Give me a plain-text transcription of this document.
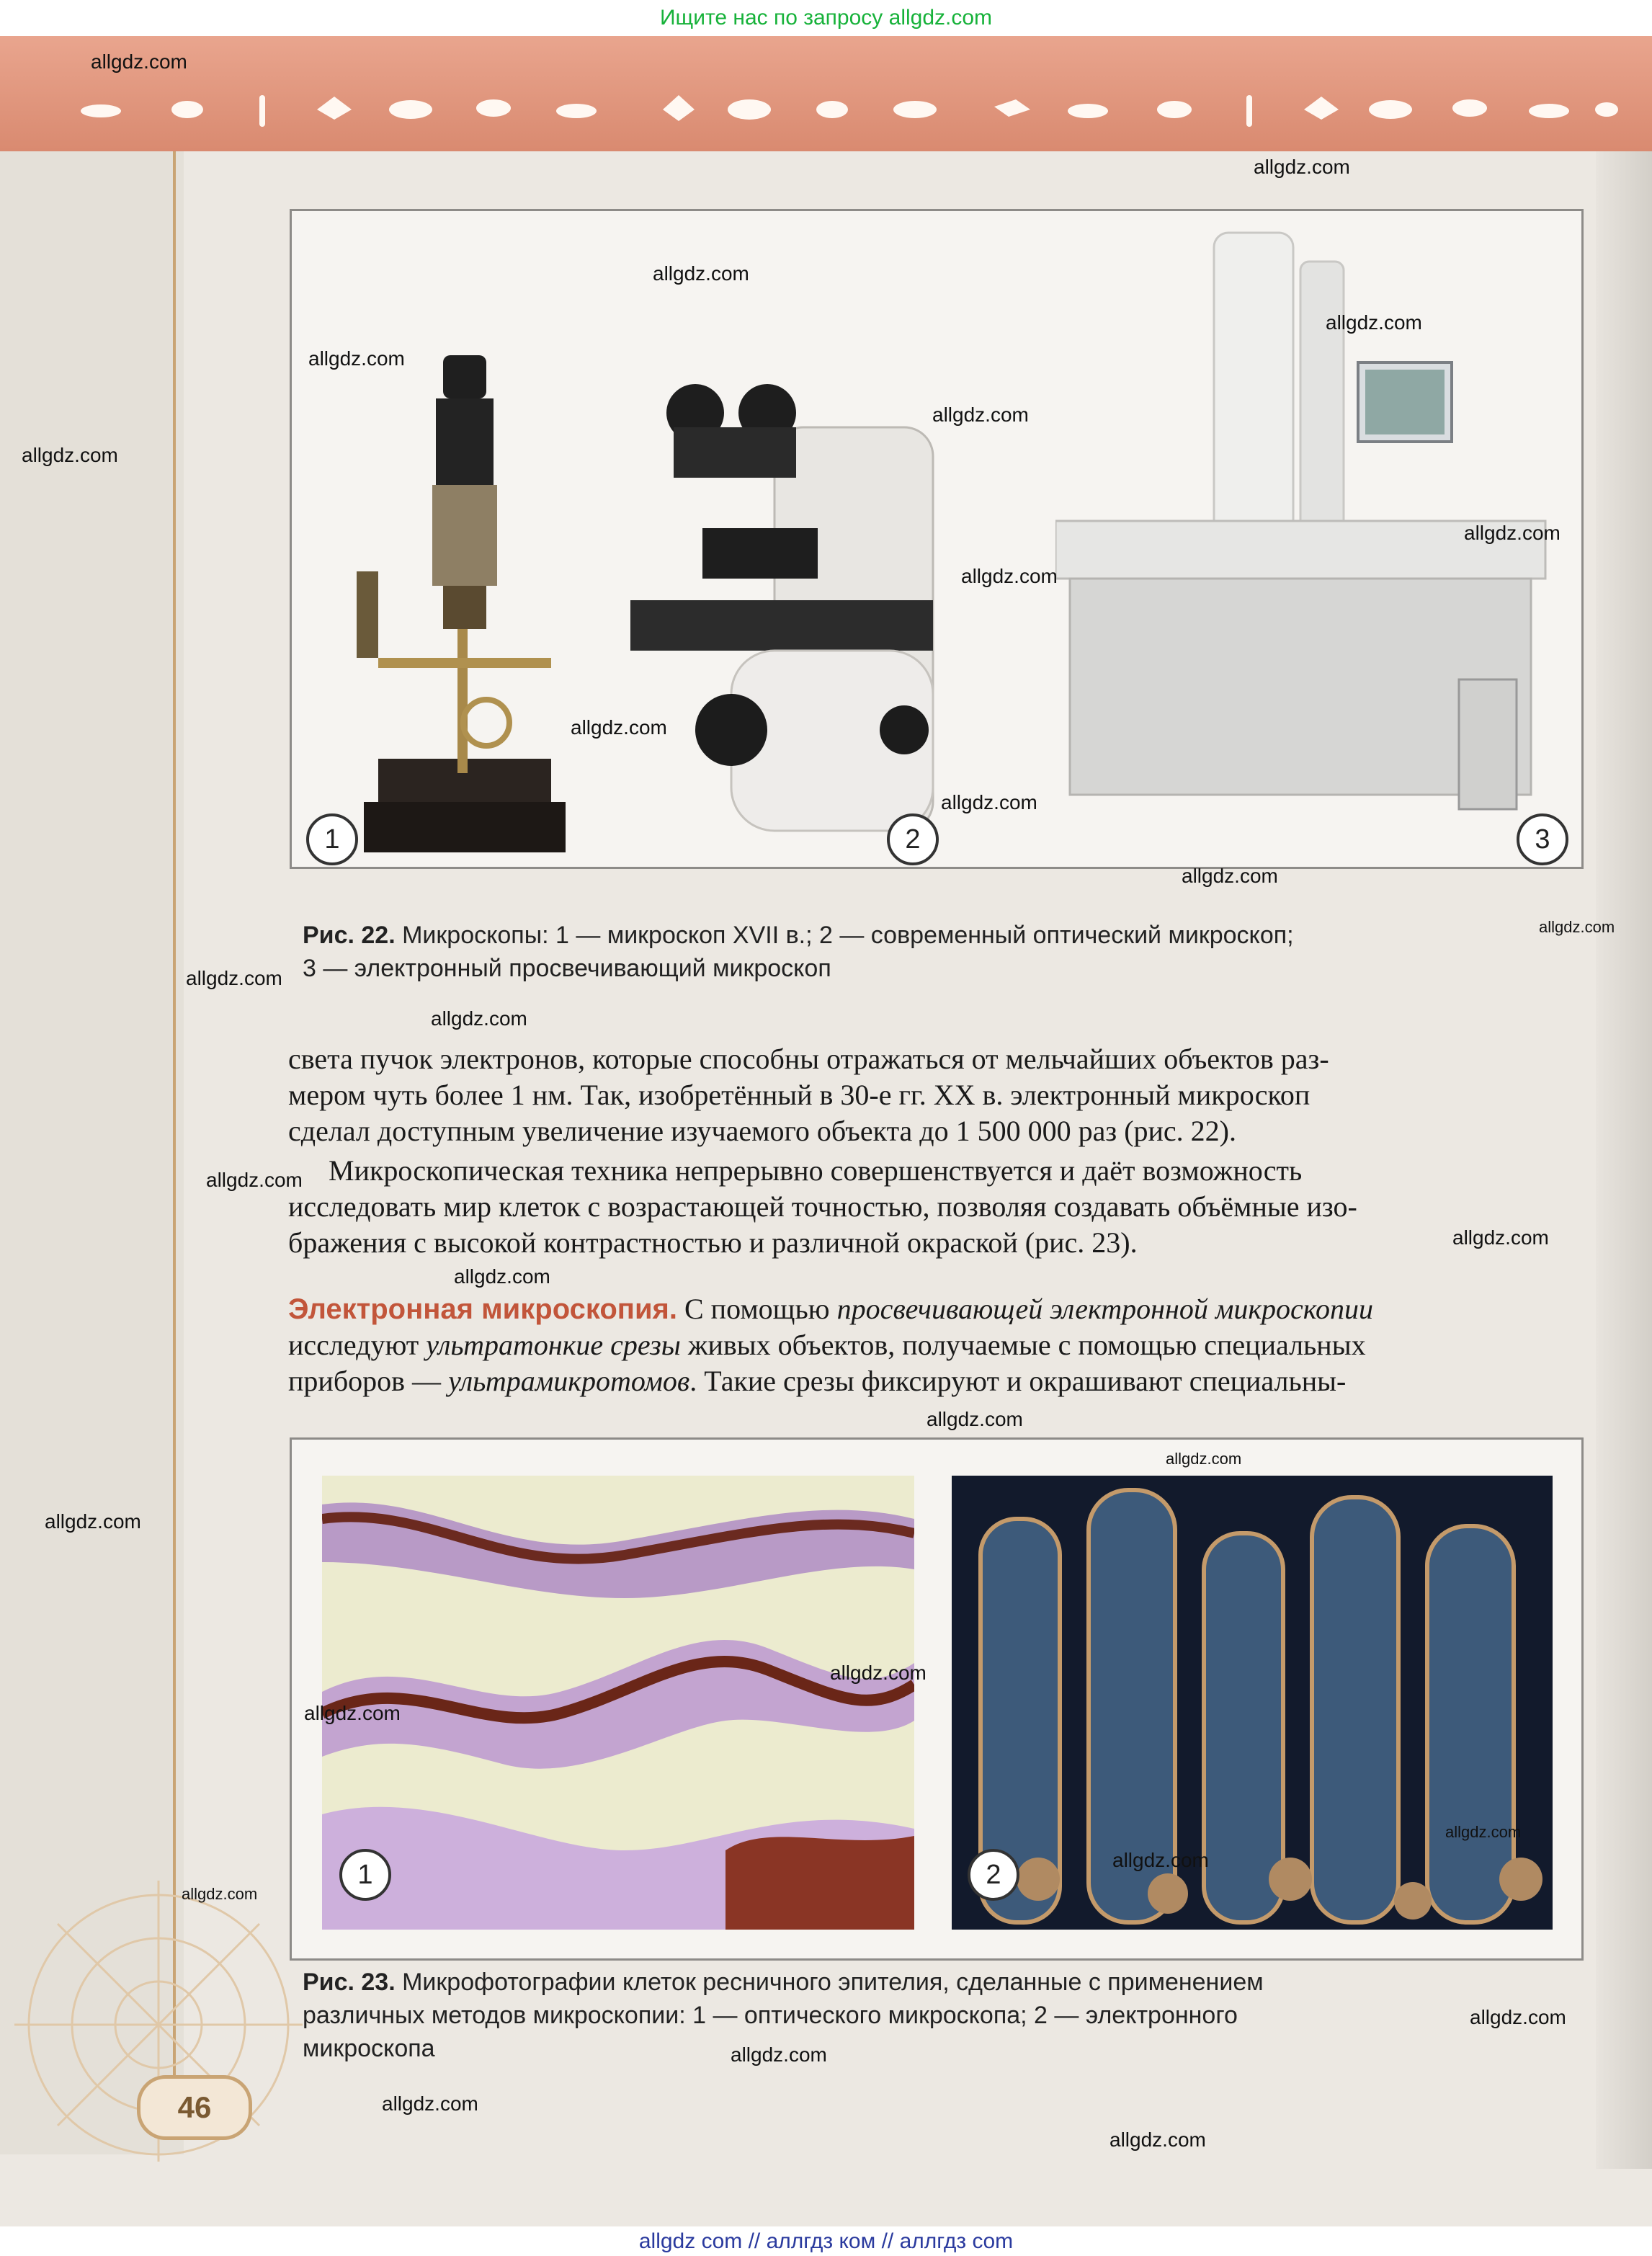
Ищите нас по запросу allgdz.com
1	2	3
Рис. 22. Микроскопы: 1 — микроскоп XVII в.; 2 — современный оптический микроскоп;
3 — электронный просвечивающий микроскоп
света пучок электронов, которые способны отражаться от мельчайших объектов раз-
мером чуть более 1 нм. Так, изобретённый в 30-е гг. XX в. электронный микроскоп
сделал доступным увеличение изучаемого объекта до 1 500 000 раз (рис. 22).
Микроскопическая техника непрерывно совершенствуется и даёт возможность
исследовать мир клеток с возрастающей точностью, позволяя создавать объёмные изо-
бражения с высокой контрастностью и различной окраской (рис. 23).
Электронная микроскопия. С помощью просвечивающей электронной микроскопии
исследуют ультратонкие срезы живых объектов, получаемые с помощью специальных
приборов — ультрамикротомов. Такие срезы фиксируют и окрашивают специальны-
1	2
Рис. 23. Микрофотографии клеток ресничного эпителия, сделанные с применением
различных методов микроскопии: 1 — оптического микроскопа; 2 — электронного
микроскопа
46
allgdz.com
allgdz.com
allgdz.com
allgdz.com
allgdz.com
allgdz.com
allgdz.com
allgdz.com
allgdz.com
allgdz.com
allgdz.com
allgdz.com
allgdz.com
allgdz.com
allgdz.com
allgdz.com
allgdz.com
allgdz.com
allgdz.com
allgdz.com
allgdz.com
allgdz.com
allgdz.com
allgdz.com
allgdz.com
allgdz.com
allgdz.com
allgdz.com
allgdz.com
allgdz.com
allgdz com // аллгдз ком // аллгдз com
